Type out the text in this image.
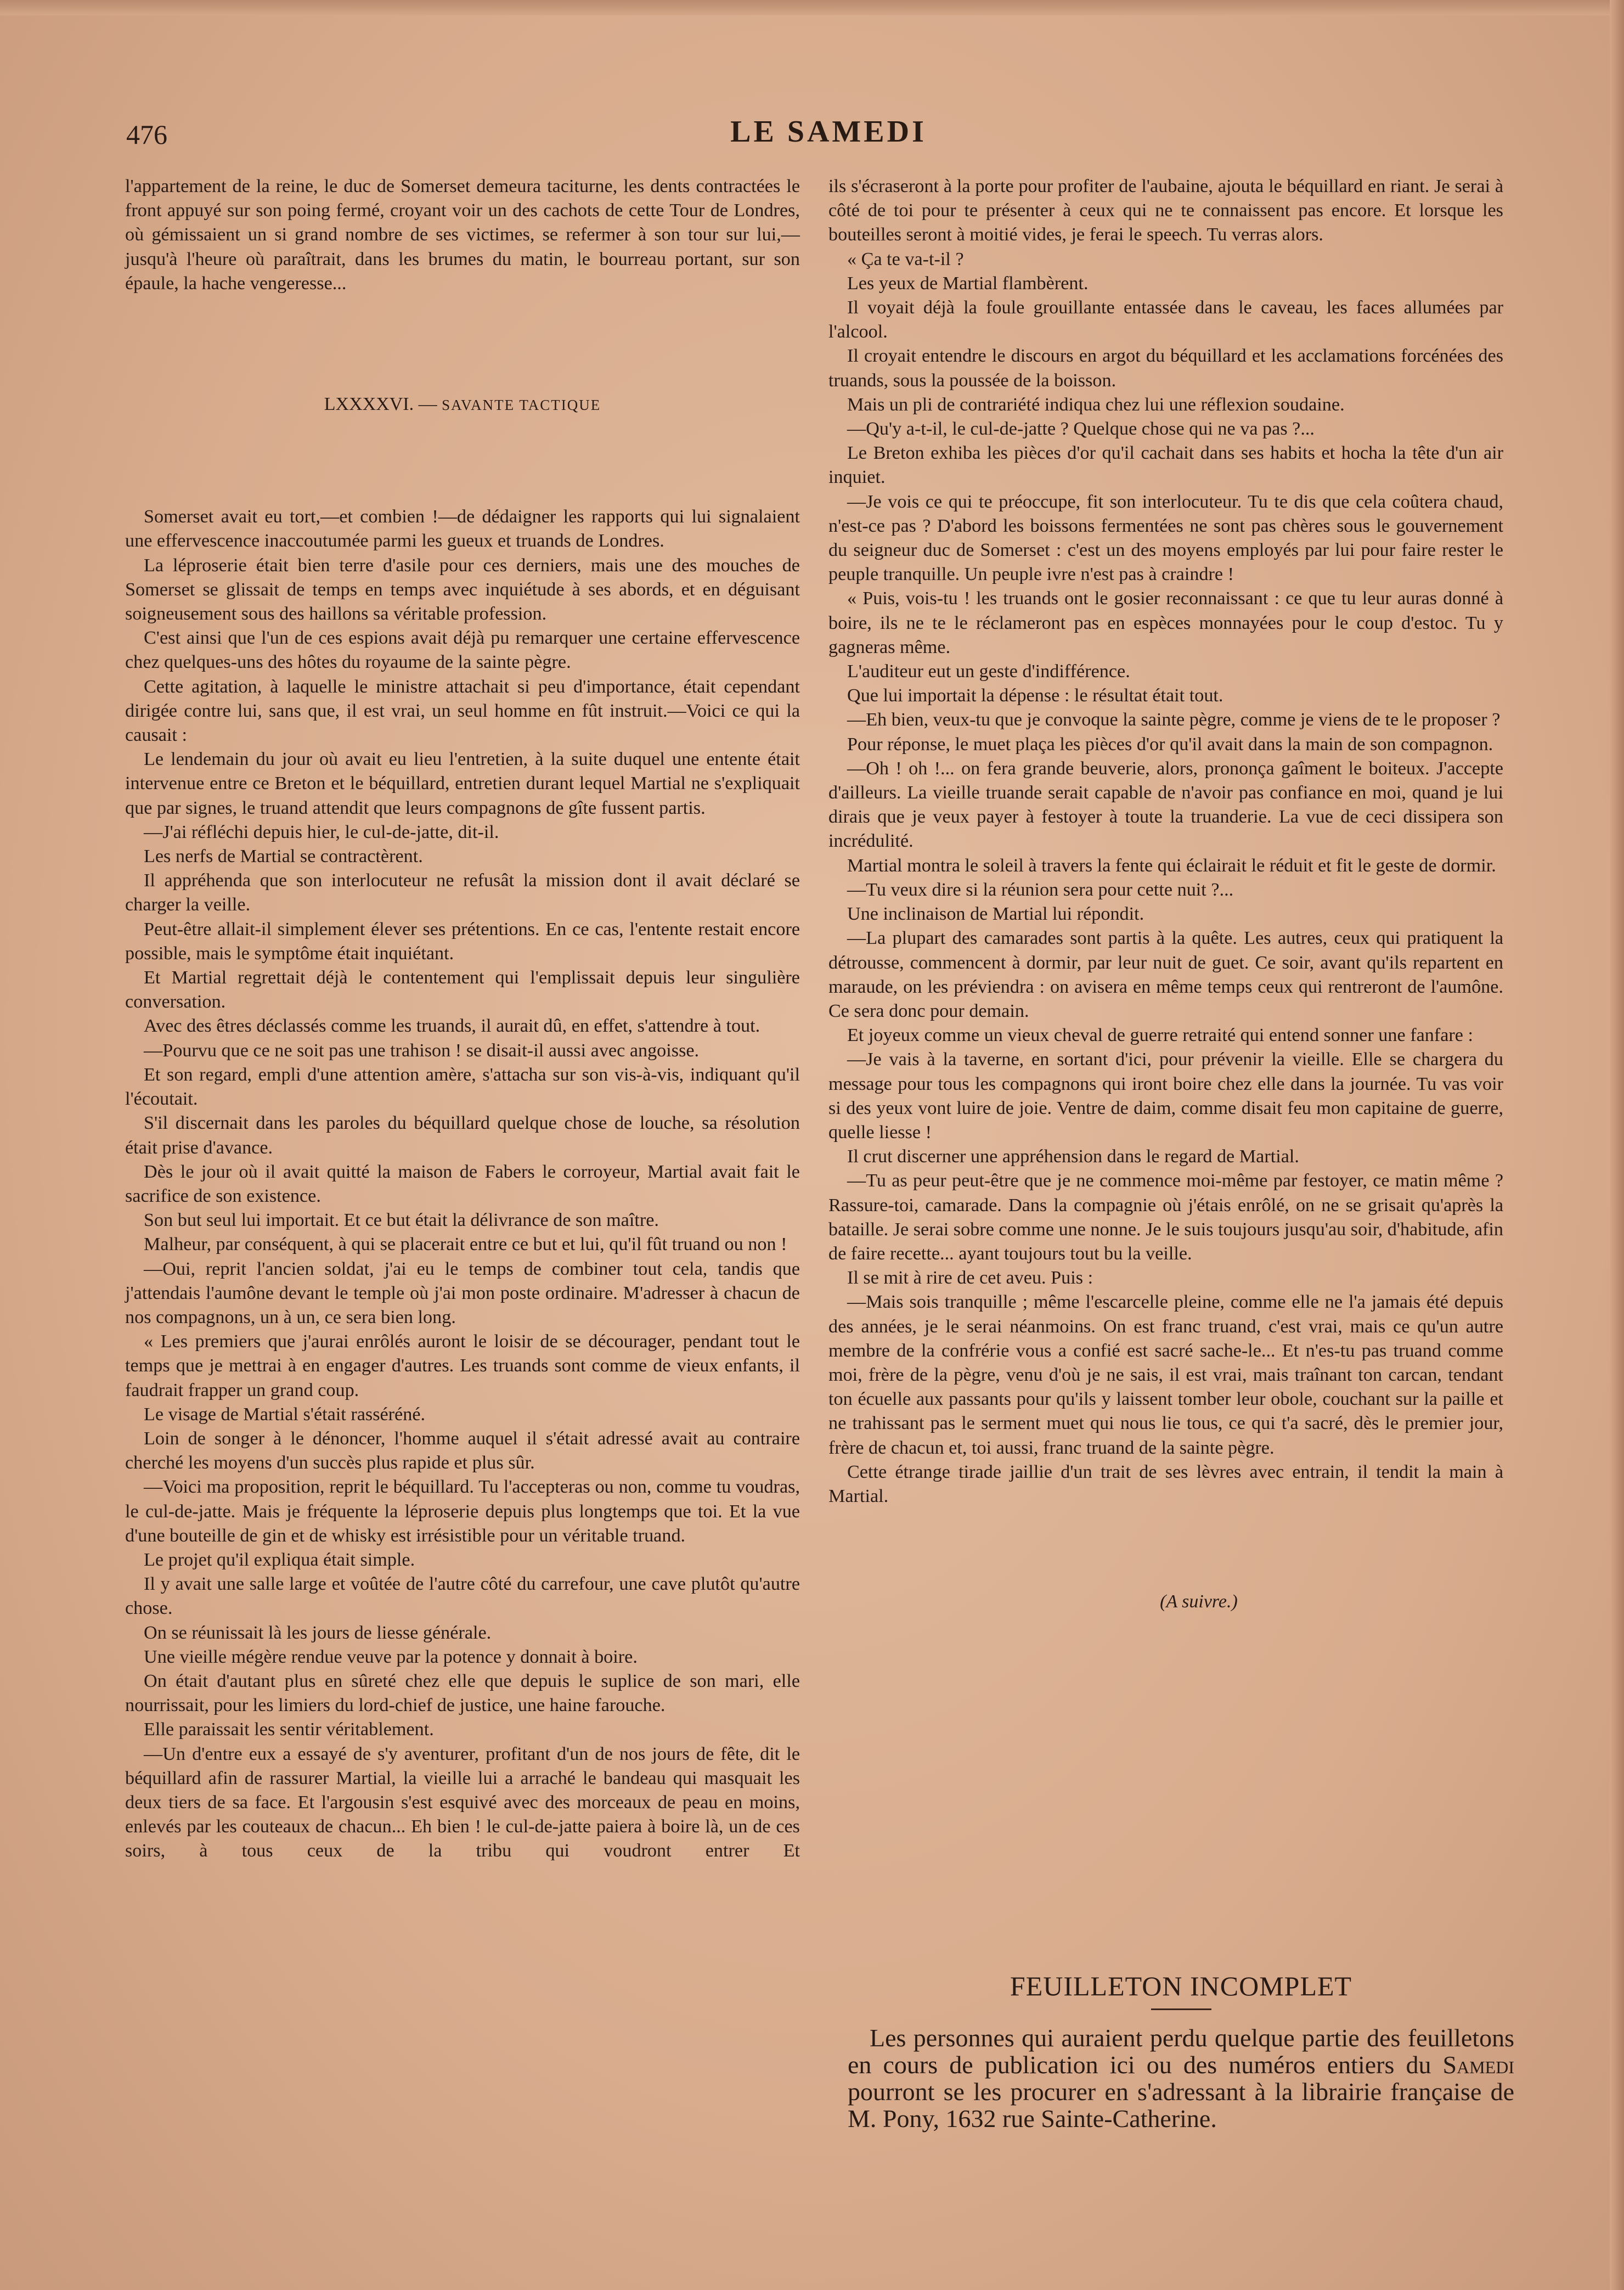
476	LE SAMEDI

l'appartement de la reine, le duc de Somerset demeura taciturne, les dents contractées le front appuyé sur son poing fermé, croyant voir un des cachots de cette Tour de Londres, où gémissaient un si grand nombre de ses victimes, se refermer à son tour sur lui,—jusqu'à l'heure où paraîtrait, dans les brumes du matin, le bourreau portant, sur son épaule, la hache vengeresse...

LXXXXVI. — SAVANTE TACTIQUE

Somerset avait eu tort,—et combien !—de dédaigner les rapports qui lui signalaient une effervescence inaccoutumée parmi les gueux et truands de Londres.

La léproserie était bien terre d'asile pour ces derniers, mais une des mouches de Somerset se glissait de temps en temps avec inquiétude à ses abords, et en déguisant soigneusement sous des haillons sa véritable profession.

C'est ainsi que l'un de ces espions avait déjà pu remarquer une certaine effervescence chez quelques-uns des hôtes du royaume de la sainte pègre.

Cette agitation, à laquelle le ministre attachait si peu d'importance, était cependant dirigée contre lui, sans que, il est vrai, un seul homme en fût instruit.—Voici ce qui la causait :

Le lendemain du jour où avait eu lieu l'entretien, à la suite duquel une entente était intervenue entre ce Breton et le béquillard, entretien durant lequel Martial ne s'expliquait que par signes, le truand attendit que leurs compagnons de gîte fussent partis.

—J'ai réfléchi depuis hier, le cul-de-jatte, dit-il.

Les nerfs de Martial se contractèrent.

Il appréhenda que son interlocuteur ne refusât la mission dont il avait déclaré se charger la veille.

Peut-être allait-il simplement élever ses prétentions. En ce cas, l'entente restait encore possible, mais le symptôme était inquiétant.

Et Martial regrettait déjà le contentement qui l'emplissait depuis leur singulière conversation.

Avec des êtres déclassés comme les truands, il aurait dû, en effet, s'attendre à tout.

—Pourvu que ce ne soit pas une trahison ! se disait-il aussi avec angoisse.

Et son regard, empli d'une attention amère, s'attacha sur son vis-à-vis, indiquant qu'il l'écoutait.

S'il discernait dans les paroles du béquillard quelque chose de louche, sa résolution était prise d'avance.

Dès le jour où il avait quitté la maison de Fabers le corroyeur, Martial avait fait le sacrifice de son existence.

Son but seul lui importait. Et ce but était la délivrance de son maître.

Malheur, par conséquent, à qui se placerait entre ce but et lui, qu'il fût truand ou non !

—Oui, reprit l'ancien soldat, j'ai eu le temps de combiner tout cela, tandis que j'attendais l'aumône devant le temple où j'ai mon poste ordinaire. M'adresser à chacun de nos compagnons, un à un, ce sera bien long.

« Les premiers que j'aurai enrôlés auront le loisir de se décourager, pendant tout le temps que je mettrai à en engager d'autres. Les truands sont comme de vieux enfants, il faudrait frapper un grand coup.

Le visage de Martial s'était rasséréné.

Loin de songer à le dénoncer, l'homme auquel il s'était adressé avait au contraire cherché les moyens d'un succès plus rapide et plus sûr.

—Voici ma proposition, reprit le béquillard. Tu l'accepteras ou non, comme tu voudras, le cul-de-jatte. Mais je fréquente la léproserie depuis plus longtemps que toi. Et la vue d'une bouteille de gin et de whisky est irrésistible pour un véritable truand.

Le projet qu'il expliqua était simple.

Il y avait une salle large et voûtée de l'autre côté du carrefour, une cave plutôt qu'autre chose.

On se réunissait là les jours de liesse générale.

Une vieille mégère rendue veuve par la potence y donnait à boire.

On était d'autant plus en sûreté chez elle que depuis le suplice de son mari, elle nourrissait, pour les limiers du lord-chief de justice, une haine farouche.

Elle paraissait les sentir véritablement.

—Un d'entre eux a essayé de s'y aventurer, profitant d'un de nos jours de fête, dit le béquillard afin de rassurer Martial, la vieille lui a arraché le bandeau qui masquait les deux tiers de sa face. Et l'argousin s'est esquivé avec des morceaux de peau en moins, enlevés par les couteaux de chacun... Eh bien ! le cul-de-jatte paiera à boire là, un de ces soirs, à tous ceux de la tribu qui voudront entrer Et

ils s'écraseront à la porte pour profiter de l'aubaine, ajouta le béquillard en riant. Je serai à côté de toi pour te présenter à ceux qui ne te connaissent pas encore. Et lorsque les bouteilles seront à moitié vides, je ferai le speech. Tu verras alors.

« Ça te va-t-il ?

Les yeux de Martial flambèrent.

Il voyait déjà la foule grouillante entassée dans le caveau, les faces allumées par l'alcool.

Il croyait entendre le discours en argot du béquillard et les acclamations forcénées des truands, sous la poussée de la boisson.

Mais un pli de contrariété indiqua chez lui une réflexion soudaine.

—Qu'y a-t-il, le cul-de-jatte ? Quelque chose qui ne va pas ?...

Le Breton exhiba les pièces d'or qu'il cachait dans ses habits et hocha la tête d'un air inquiet.

—Je vois ce qui te préoccupe, fit son interlocuteur. Tu te dis que cela coûtera chaud, n'est-ce pas ? D'abord les boissons fermentées ne sont pas chères sous le gouvernement du seigneur duc de Somerset : c'est un des moyens employés par lui pour faire rester le peuple tranquille. Un peuple ivre n'est pas à craindre !

« Puis, vois-tu ! les truands ont le gosier reconnaissant : ce que tu leur auras donné à boire, ils ne te le réclameront pas en espèces monnayées pour le coup d'estoc. Tu y gagneras même.

L'auditeur eut un geste d'indifférence.

Que lui importait la dépense : le résultat était tout.

—Eh bien, veux-tu que je convoque la sainte pègre, comme je viens de te le proposer ?

Pour réponse, le muet plaça les pièces d'or qu'il avait dans la main de son compagnon.

—Oh ! oh !... on fera grande beuverie, alors, prononça gaîment le boiteux. J'accepte d'ailleurs. La vieille truande serait capable de n'avoir pas confiance en moi, quand je lui dirais que je veux payer à festoyer à toute la truanderie. La vue de ceci dissipera son incrédulité.

Martial montra le soleil à travers la fente qui éclairait le réduit et fit le geste de dormir.

—Tu veux dire si la réunion sera pour cette nuit ?...

Une inclinaison de Martial lui répondit.

—La plupart des camarades sont partis à la quête. Les autres, ceux qui pratiquent la détrousse, commencent à dormir, par leur nuit de guet. Ce soir, avant qu'ils repartent en maraude, on les préviendra : on avisera en même temps ceux qui rentreront de l'aumône. Ce sera donc pour demain.

Et joyeux comme un vieux cheval de guerre retraité qui entend sonner une fanfare :

—Je vais à la taverne, en sortant d'ici, pour prévenir la vieille. Elle se chargera du message pour tous les compagnons qui iront boire chez elle dans la journée. Tu vas voir si des yeux vont luire de joie. Ventre de daim, comme disait feu mon capitaine de guerre, quelle liesse !

Il crut discerner une appréhension dans le regard de Martial.

—Tu as peur peut-être que je ne commence moi-même par festoyer, ce matin même ? Rassure-toi, camarade. Dans la compagnie où j'étais enrôlé, on ne se grisait qu'après la bataille. Je serai sobre comme une nonne. Je le suis toujours jusqu'au soir, d'habitude, afin de faire recette... ayant toujours tout bu la veille.

Il se mit à rire de cet aveu. Puis :

—Mais sois tranquille ; même l'escarcelle pleine, comme elle ne l'a jamais été depuis des années, je le serai néanmoins. On est franc truand, c'est vrai, mais ce qu'un autre membre de la confrérie vous a confié est sacré sache-le... Et n'es-tu pas truand comme moi, frère de la pègre, venu d'où je ne sais, il est vrai, mais traînant ton carcan, tendant ton écuelle aux passants pour qu'ils y laissent tomber leur obole, couchant sur la paille et ne trahissant pas le serment muet qui nous lie tous, ce qui t'a sacré, dès le premier jour, frère de chacun et, toi aussi, franc truand de la sainte pègre.

Cette étrange tirade jaillie d'un trait de ses lèvres avec entrain, il tendit la main à Martial.

(A suivre.)

FEUILLETON INCOMPLET

Les personnes qui auraient perdu quelque partie des feuilletons en cours de publication ici ou des numéros entiers du Samedi pourront se les procurer en s'adressant à la librairie française de M. Pony, 1632 rue Sainte-Catherine.
